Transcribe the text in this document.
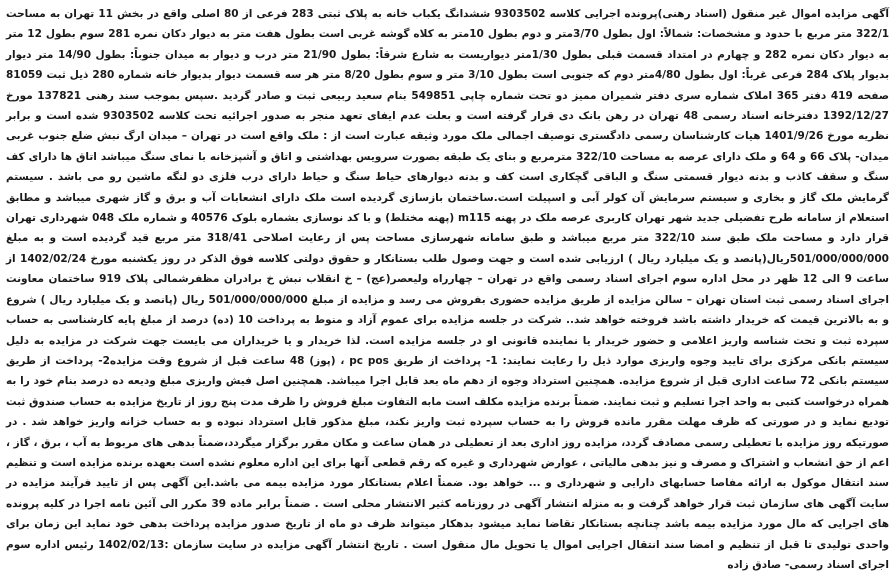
آگهی مزایده اموال غیر منقول (اسناد رهنی)پرونده اجرایی کلاسه 9303502 ششدانگ یکباب خانه به پلاک ثبتی 283 فرعی از 80 اصلی واقع در بخش 11 تهران به مساحت 322/1 متر مربع با حدود و مشخصات: شمالاً: اول بطول 3/70متر و دوم بطول 10متر به کلاه گوشه غربی است بطول هفت متر به دیوار دکان نمره 281 سوم بطول 12 متر به دیوار دکان نمره 282 و چهارم در امتداد قسمت قبلی بطول 1/30متر دیواریست به شارع شرقاً: بطول 21/90 متر درب و دیوار به میدان جنوباً: بطول 14/90 متر دیوار بدیوار پلاک 284 فرعی غرباً: اول بطول 4/80متر دوم که جنوبی است بطول 3/10 متر و سوم بطول 8/20 متر هر سه قسمت دیوار بدیوار خانه شماره 280 ذیل ثبت 81059 صفحه 419 دفتر 365 املاک شماره سری دفتر شمیران ممیز دو تحت شماره چاپی 549851 بنام سعید ربیعی ثبت و صادر گردید .سپس بموجب سند رهنی 137821 مورخ 1392/12/27 دفترخانه اسناد رسمی 48 تهران در رهن بانک دی قرار گرفته است و بعلت عدم ایفای تعهد منجر به صدور اجرائیه تحت کلاسه 9303502 شده است و برابر نظریه مورخ 1401/9/26 هیات کارشناسان رسمی دادگستری توصیف اجمالی ملک مورد وثیقه عبارت است از : ملک واقع است در تهران – میدان ارگ نبش ضلع جنوب غربی میدان- پلاک 66 و 64 و ملک دارای عرصه به مساحت 322/10 مترمربع و بنای یک طبقه بصورت سرویس بهداشتی و اتاق و آشپزخانه با نمای سنگ میباشد اتاق ها دارای کف سنگ و سقف کاذب و بدنه دیوار قسمتی سنگ و الباقی گچکاری است کف و بدنه دیوارهای حیاط سنگ و حیاط دارای درب فلزی دو لنگه ماشین رو می باشد . سیستم گرمایش ملک گاز و بخاری و سیستم سرمایش آن کولر آبی و اسپیلت است.ساختمان بازسازی گردیده است ملک دارای انشعابات آب و برق و گاز شهری میباشد و مطابق استعلام از سامانه طرح تفضیلی جدید شهر تهران کاربری عرصه ملک در پهنه m115 (پهنه مختلط) و با کد نوسازی بشماره بلوک 40576 و شماره ملک 048 شهرداری تهران قرار دارد و مساحت ملک طبق سند 322/10 متر مربع میباشد و طبق سامانه شهرسازی مساحت پس از رعایت اصلاحی 318/41 متر مربع قید گردیده است و به مبلغ 501/000/000/000ریال(پانصد و یک میلیارد ریال ) ارزیابی شده است و جهت وصول طلب بستانکار و حقوق دولتی کلاسه فوق الذکر در روز یکشنبه مورخ 1402/02/24 از ساعت 9 الی 12 ظهر در محل اداره سوم اجرای اسناد رسمی واقع در تهران – چهارراه ولیعصر(عج) – خ انقلاب نبش خ برادران مظفرشمالی پلاک 919 ساختمان معاونت اجرای اسناد رسمی ثبت استان تهران – سالن مزایده از طریق مزایده حضوری بفروش می رسد و مزایده از مبلغ 501/000/000/000 ریال (پانصد و یک میلیارد ریال ) شروع و به بالاترین قیمت که خریدار داشته باشد فروخته خواهد شد.. شرکت در جلسه مزایده برای عموم آزاد و منوط به پرداخت 10 (ده) درصد از مبلغ پایه کارشناسی به حساب سپرده ثبت و تحت شناسه واریز اعلامی و حضور خریدار یا نماینده قانونی او در جلسه مزایده است. لذا خریدار و یا خریداران می بایست جهت شرکت در مزایده به دلیل سیستم بانکی مرکزی برای تایید وجوه واریزی موارد ذیل را رعایت نمایند: 1- پرداخت از طریق pc pos ، (پوز) 48 ساعت قبل از شروع وقت مزایده2- پرداخت از طریق سیستم بانکی 72 ساعت اداری قبل از شروع مزایده. همچنین استرداد وجوه از دهم ماه بعد قابل اجرا میباشد. همچنین اصل فیش واریزی مبلغ ودیعه ده درصد بنام خود را به همراه درخواست کتبی به واحد اجرا تسلیم و ثبت نمایند. ضمناً برنده مزایده مکلف است مابه التفاوت مبلغ فروش را ظرف مدت پنج روز از تاریخ مزایده به حساب صندوق ثبت تودیع نماید و در صورتی که ظرف مهلت مقرر مانده فروش را به حساب سپرده ثبت واریز نکند، مبلغ مذکور قابل استرداد نبوده و به حساب خزانه واریز خواهد شد . در صورتیکه روز مزایده با تعطیلی رسمی مصادف گردد، مزایده روز اداری بعد از تعطیلی در همان ساعت و مکان مقرر برگزار میگردد،ضمناً بدهی های مربوط به آب ، برق ، گاز ، اعم از حق انشعاب و اشتراک و مصرف و نیز بدهی مالیاتی ، عوارض شهرداری و غیره که رقم قطعی آنها برای این اداره معلوم نشده است بعهده برنده مزایده است و تنظیم سند انتقال موکول به ارائه مفاصا حسابهای دارایی و شهرداری و ... خواهد بود. ضمناً اعلام بستانکار مورد مزایده بیمه می باشد.این آگهی پس از تایید فرآیند مزایده در سایت آگهی های سازمان ثبت قرار خواهد گرفت و به منزله انتشار آگهی در روزنامه کثیر الانتشار محلی است . ضمناً برابر ماده 39 مکرر الی آئین نامه اجرا در کلیه پرونده های اجرایی که مال مورد مزایده بیمه باشد چنانچه بستانکار تقاضا نماید میشود بدهکار میتواند ظرف دو ماه از تاریخ صدور مزایده پرداخت بدهی خود نماید این زمان برای واحدی تولیدی تا قبل از تنظیم و امضا سند انتقال اجرایی اموال یا تحویل مال منقول است . تاریخ انتشار آگهی مزایده در سایت سازمان :1402/02/13 رئیس اداره سوم اجرای اسناد رسمی- صادق زاده
